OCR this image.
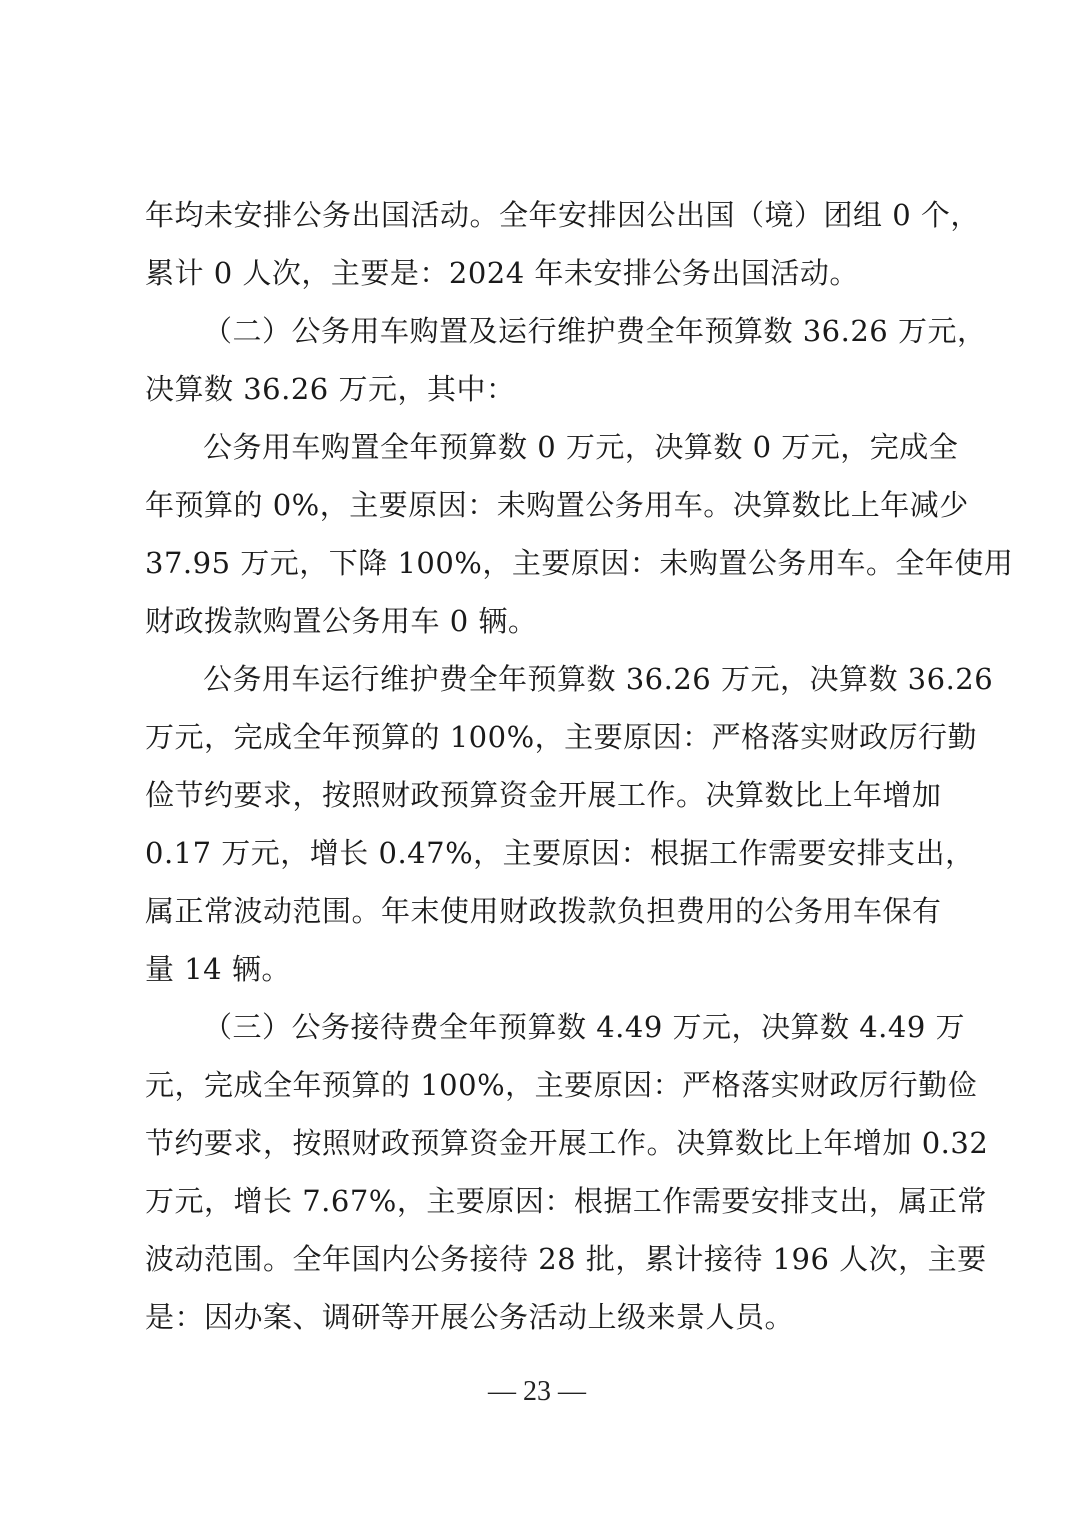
年均未安排公务出国活动。全年安排因公出国（境）团组 0 个，
累计 0 人次，主要是：2024 年未安排公务出国活动。
（二）公务用车购置及运行维护费全年预算数 36.26 万元，
决算数 36.26 万元，其中：
公务用车购置全年预算数 0 万元，决算数 0 万元，完成全
年预算的 0%，主要原因：未购置公务用车。决算数比上年减少
37.95 万元，下降 100%，主要原因：未购置公务用车。全年使用
财政拨款购置公务用车 0 辆。
公务用车运行维护费全年预算数 36.26 万元，决算数 36.26
万元，完成全年预算的 100%，主要原因：严格落实财政厉行勤
俭节约要求，按照财政预算资金开展工作。决算数比上年增加
0.17 万元，增长 0.47%，主要原因：根据工作需要安排支出，
属正常波动范围。年末使用财政拨款负担费用的公务用车保有
量 14 辆。
（三）公务接待费全年预算数 4.49 万元，决算数 4.49 万
元，完成全年预算的 100%，主要原因：严格落实财政厉行勤俭
节约要求，按照财政预算资金开展工作。决算数比上年增加 0.32
万元，增长 7.67%，主要原因：根据工作需要安排支出，属正常
波动范围。全年国内公务接待 28 批，累计接待 196 人次，主要
是：因办案、调研等开展公务活动上级来景人员。
— 23 —
